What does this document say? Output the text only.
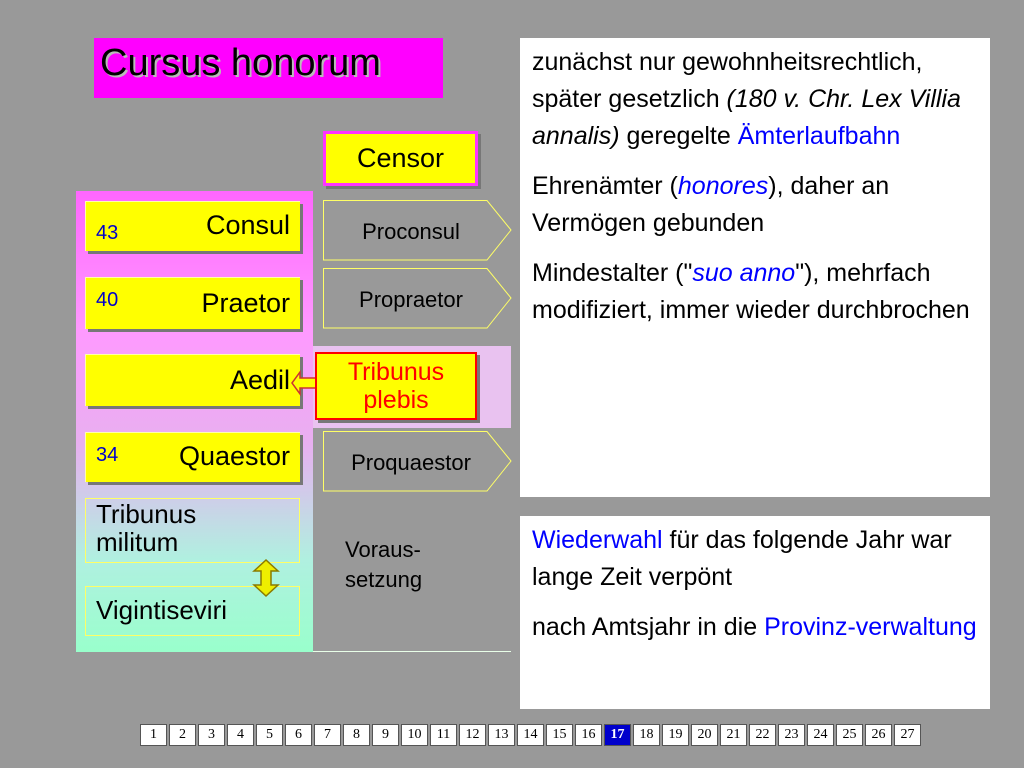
Cursus honorum
Censor
43	Consul
40	Praetor
Aedil
34 Quaestor
Tribunus
militum
Vigintiseviri
Tribunus
plebis
Proconsul
Propraetor
Proquaestor
Voraus-
setzung

zunächst nur gewohnheitsrechtlich, später gesetzlich (180 v. Chr. Lex Villia annalis) geregelte Ämterlaufbahn

Ehrenämter (honores), daher an Vermögen gebunden

Mindestalter ("suo anno"), mehrfach modifiziert, immer wieder durchbrochen

Wiederwahl für das folgende Jahr war lange Zeit verpönt

nach Amtsjahr in die Provinz-verwaltung

1	2	3	4	5	6	7	8	9	10	11	12	13	14	15	16	17	18	19	20	21	22	23	24	25	26	27
